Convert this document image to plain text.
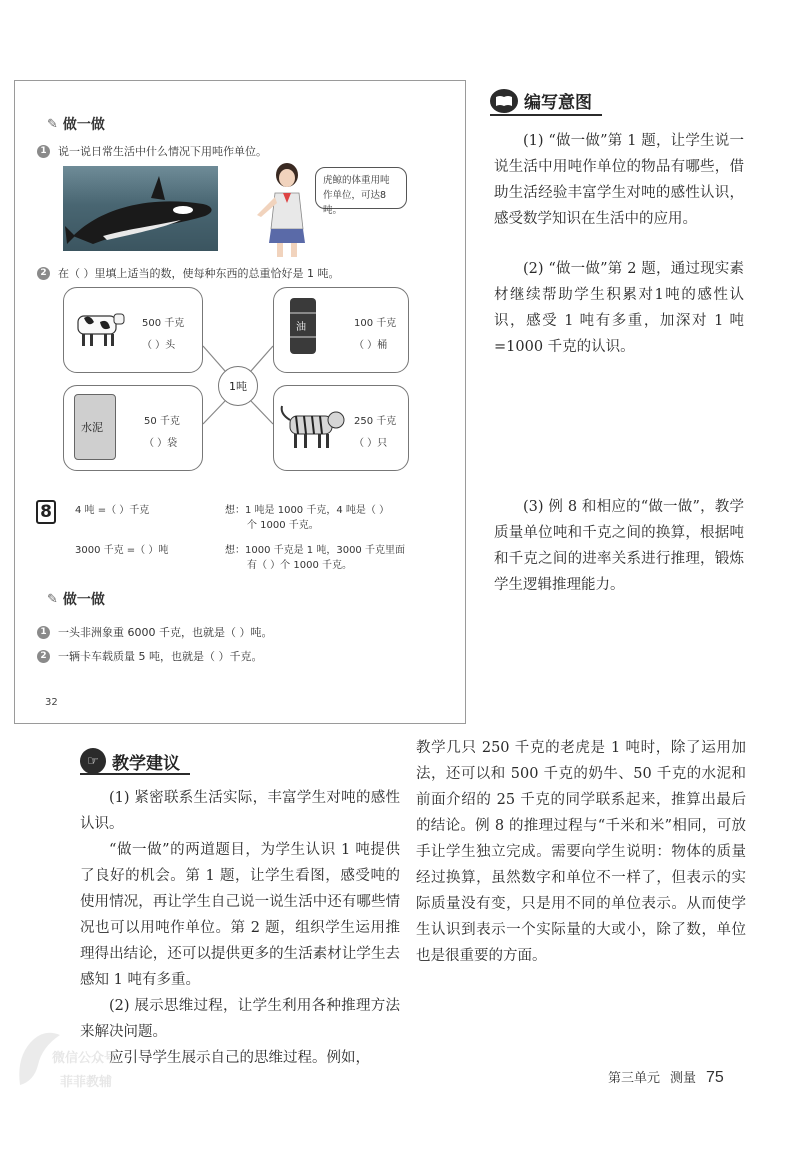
✎ 做一做
1	说一说日常生活中什么情况下用吨作单位。
虎鲸的体重用吨
作单位，可达8吨。
2	在（ ）里填上适当的数，使每种东西的总重恰好是 1 吨。
500 千克
（ ）头
油	100 千克
（ ）桶
1吨
水泥	50 千克
（ ）袋
250 千克
（ ）只
8	4 吨 =（ ）千克	想：1 吨是 1000 千克，4 吨是（ ）
个 1000 千克。
3000 千克 =（ ）吨	想：1000 千克是 1 吨，3000 千克里面
有（ ）个 1000 千克。
✎ 做一做
1	一头非洲象重 6000 千克，也就是（ ）吨。
2	一辆卡车载质量 5 吨，也就是（ ）千克。
32
编写意图

(1) “做一做”第 1 题，让学生说一说生活中用吨作单位的物品有哪些，借助生活经验丰富学生对吨的感性认识，感受数学知识在生活中的应用。

(2) “做一做”第 2 题，通过现实素材继续帮助学生积累对1吨的感性认识，感受 1 吨有多重，加深对 1 吨=1000 千克的认识。

(3) 例 8 和相应的“做一做”，教学质量单位吨和千克之间的换算，根据吨和千克之间的进率关系进行推理，锻炼学生逻辑推理能力。

☞ 教学建议

(1) 紧密联系生活实际，丰富学生对吨的感性认识。

“做一做”的两道题目，为学生认识 1 吨提供了良好的机会。第 1 题，让学生看图，感受吨的使用情况，再让学生自己说一说生活中还有哪些情况也可以用吨作单位。第 2 题，组织学生运用推理得出结论，还可以提供更多的生活素材让学生去感知 1 吨有多重。

(2) 展示思维过程，让学生利用各种推理方法来解决问题。

应引导学生展示自己的思维过程。例如，

教学几只 250 千克的老虎是 1 吨时，除了运用加法，还可以和 500 千克的奶牛、50 千克的水泥和前面介绍的 25 千克的同学联系起来，推算出最后的结论。例 8 的推理过程与“千米和米”相同，可放手让学生独立完成。需要向学生说明：物体的质量经过换算，虽然数字和单位不一样了，但表示的实际质量没有变，只是用不同的单位表示。从而使学生认识到表示一个实际量的大或小，除了数，单位也是很重要的方面。

微信公众号
菲菲教辅	第三单元 测量 75
